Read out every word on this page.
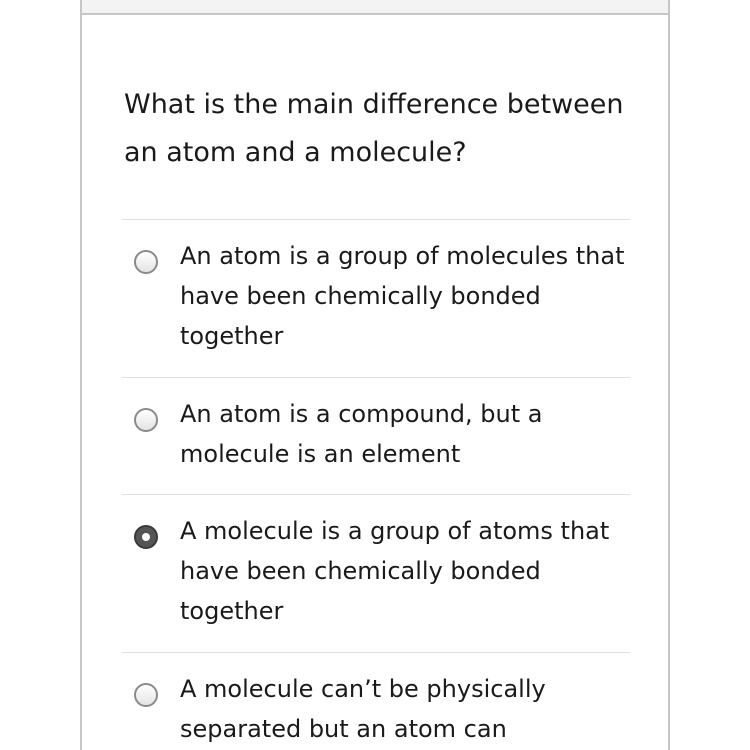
What is the main difference between an atom and a molecule?

An atom is a group of molecules that have been chemically bonded together
An atom is a compound, but a molecule is an element
A molecule is a group of atoms that have been chemically bonded together
A molecule can’t be physically separated but an atom can
